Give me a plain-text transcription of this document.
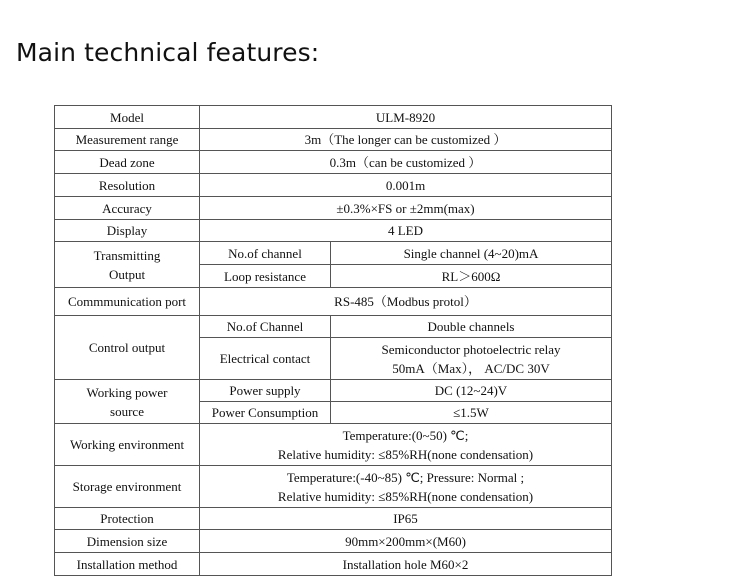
Main technical features:
Model	ULM-8920	
Measurement range	3m（The longer can be customized ）	
Dead zone	0.3m（can be customized ）	
Resolution	0.001m	
Accuracy	±0.3%×FS or ±2mm(max)	
Display	4 LED	

Transmitting
Output	No.of channel	Single channel (4~20)mA
	Loop resistance	RL＞600Ω
Commmunication port	RS-485（Modbus protol）	
Control output	No.of Channel	Double channels
	Electrical contact	Semiconductor photoelectric relay
50mA（Max）， AC/DC 30V

Working power
source	Power supply	DC (12~24)V
	Power Consumption	≤1.5W
Working environment	Temperature:(0~50) ℃;
Relative humidity: ≤85%RH(none condensation)	

Storage environment	Temperature:(-40~85) ℃; Pressure: Normal ;
Relative humidity: ≤85%RH(none condensation)	

Protection	IP65	
Dimension size	90mm×200mm×(M60)	
Installation method	Installation hole M60×2	
